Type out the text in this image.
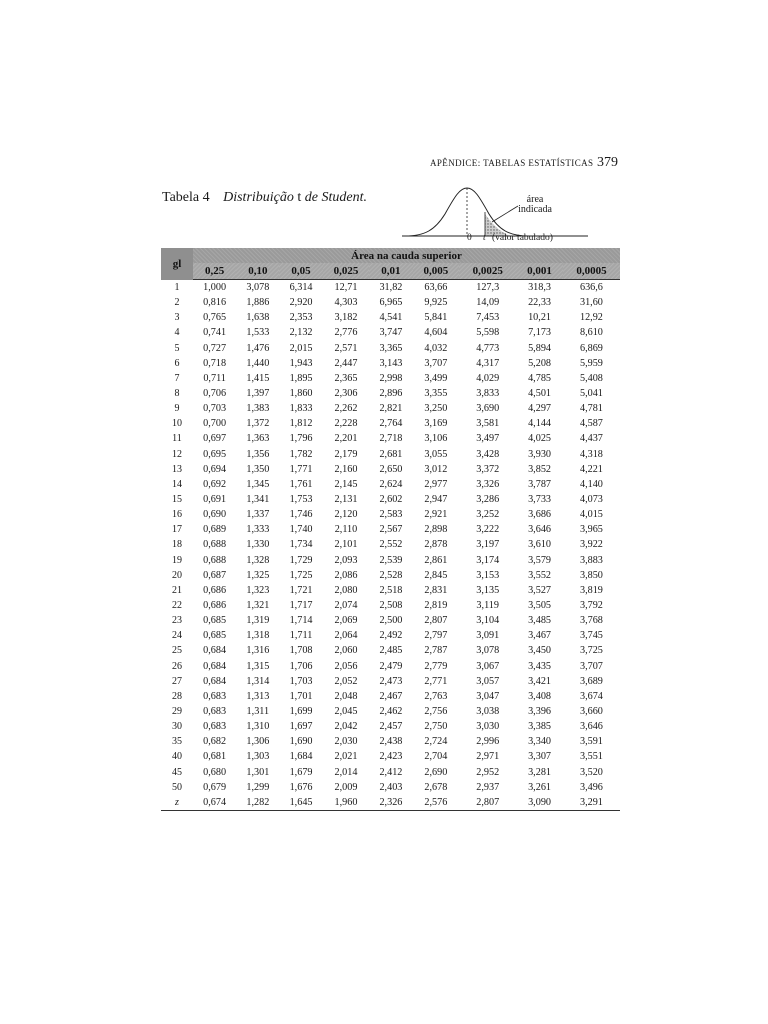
APÊNDICE: TABELAS ESTATÍSTICAS 379
Tabela 4 Distribuição t de Student.	área
indicada
0 t (valor tabulado)
gl	Área na cauda superior								
	0,25	0,10	0,05	0,025	0,01	0,005	0,0025	0,001	0,0005
1	1,000	3,078	6,314	12,71	31,82	63,66	127,3	318,3	636,6
2	0,816	1,886	2,920	4,303	6,965	9,925	14,09	22,33	31,60
3	0,765	1,638	2,353	3,182	4,541	5,841	7,453	10,21	12,92
4	0,741	1,533	2,132	2,776	3,747	4,604	5,598	7,173	8,610
5	0,727	1,476	2,015	2,571	3,365	4,032	4,773	5,894	6,869
6	0,718	1,440	1,943	2,447	3,143	3,707	4,317	5,208	5,959
7	0,711	1,415	1,895	2,365	2,998	3,499	4,029	4,785	5,408
8	0,706	1,397	1,860	2,306	2,896	3,355	3,833	4,501	5,041
9	0,703	1,383	1,833	2,262	2,821	3,250	3,690	4,297	4,781
10	0,700	1,372	1,812	2,228	2,764	3,169	3,581	4,144	4,587
11	0,697	1,363	1,796	2,201	2,718	3,106	3,497	4,025	4,437
12	0,695	1,356	1,782	2,179	2,681	3,055	3,428	3,930	4,318
13	0,694	1,350	1,771	2,160	2,650	3,012	3,372	3,852	4,221
14	0,692	1,345	1,761	2,145	2,624	2,977	3,326	3,787	4,140
15	0,691	1,341	1,753	2,131	2,602	2,947	3,286	3,733	4,073
16	0,690	1,337	1,746	2,120	2,583	2,921	3,252	3,686	4,015
17	0,689	1,333	1,740	2,110	2,567	2,898	3,222	3,646	3,965
18	0,688	1,330	1,734	2,101	2,552	2,878	3,197	3,610	3,922
19	0,688	1,328	1,729	2,093	2,539	2,861	3,174	3,579	3,883
20	0,687	1,325	1,725	2,086	2,528	2,845	3,153	3,552	3,850
21	0,686	1,323	1,721	2,080	2,518	2,831	3,135	3,527	3,819
22	0,686	1,321	1,717	2,074	2,508	2,819	3,119	3,505	3,792
23	0,685	1,319	1,714	2,069	2,500	2,807	3,104	3,485	3,768
24	0,685	1,318	1,711	2,064	2,492	2,797	3,091	3,467	3,745
25	0,684	1,316	1,708	2,060	2,485	2,787	3,078	3,450	3,725
26	0,684	1,315	1,706	2,056	2,479	2,779	3,067	3,435	3,707
27	0,684	1,314	1,703	2,052	2,473	2,771	3,057	3,421	3,689
28	0,683	1,313	1,701	2,048	2,467	2,763	3,047	3,408	3,674
29	0,683	1,311	1,699	2,045	2,462	2,756	3,038	3,396	3,660
30	0,683	1,310	1,697	2,042	2,457	2,750	3,030	3,385	3,646
35	0,682	1,306	1,690	2,030	2,438	2,724	2,996	3,340	3,591
40	0,681	1,303	1,684	2,021	2,423	2,704	2,971	3,307	3,551
45	0,680	1,301	1,679	2,014	2,412	2,690	2,952	3,281	3,520
50	0,679	1,299	1,676	2,009	2,403	2,678	2,937	3,261	3,496
z	0,674	1,282	1,645	1,960	2,326	2,576	2,807	3,090	3,291
